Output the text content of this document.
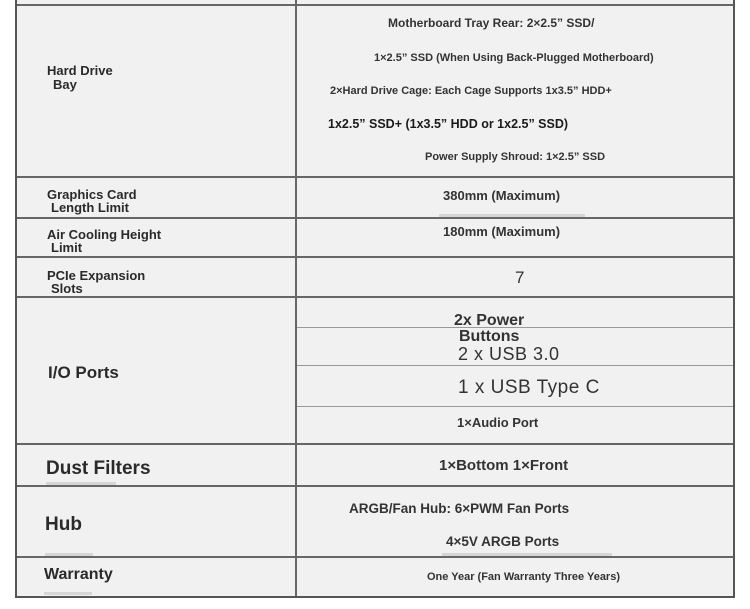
Hard Drive
Bay
Motherboard Tray Rear: 2×2.5” SSD/
1×2.5” SSD (When Using Back-Plugged Motherboard)
2×Hard Drive Cage: Each Cage Supports 1x3.5” HDD+
1x2.5” SSD+ (1x3.5” HDD or 1x2.5” SSD)
Power Supply Shroud: 1×2.5” SSD
Graphics Card
Length Limit
380mm (Maximum)
Air Cooling Height
Limit
180mm (Maximum)
PCIe Expansion
Slots
7
I/O Ports
2x Power
Buttons
2 x USB 3.0
1 x USB Type C
1×Audio Port
Dust Filters	1×Bottom 1×Front
Hub
ARGB/Fan Hub: 6×PWM Fan Ports
4×5V ARGB Ports
Warranty	One Year (Fan Warranty Three Years)
